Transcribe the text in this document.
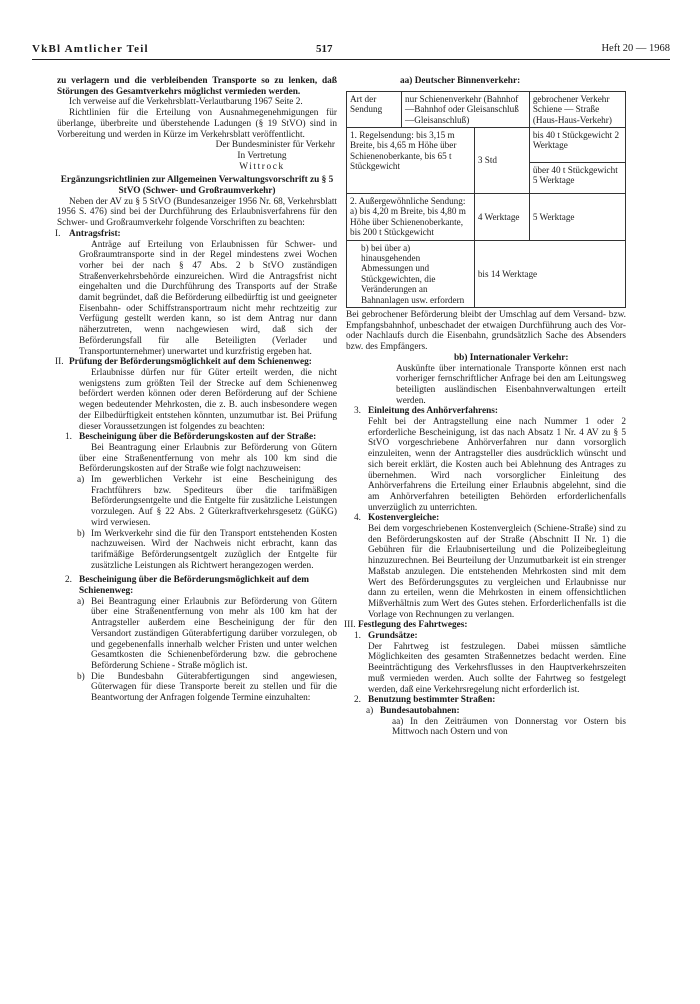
VkBl Amtlicher Teil	517	Heft 20 — 1968

zu verlagern und die verbleibenden Transporte so zu lenken, daß Störungen des Gesamtverkehrs möglichst vermieden werden.

Ich verweise auf die Verkehrsblatt-Verlautbarung 1967 Seite 2.

Richtlinien für die Erteilung von Ausnahmegenehmigungen für überlange, überbreite und überstehende Ladungen (§ 19 StVO) sind in Vorbereitung und werden in Kürze im Verkehrsblatt veröffentlicht.

Der Bundesminister für Verkehr

In Vertretung

Wittrock

Ergänzungsrichtlinien zur Allgemeinen Verwaltungsvorschrift zu § 5 StVO (Schwer- und Großraumverkehr)

Neben der AV zu § 5 StVO (Bundesanzeiger 1956 Nr. 68, Verkehrsblatt 1956 S. 476) sind bei der Durchführung des Erlaubnisverfahrens für den Schwer- und Großraumverkehr folgende Vorschriften zu beachten:

I. Antragsfrist:

Anträge auf Erteilung von Erlaubnissen für Schwer- und Großraumtransporte sind in der Regel mindestens zwei Wochen vorher bei der nach § 47 Abs. 2 b StVO zuständigen Straßenverkehrsbehörde einzureichen. Wird die Antragsfrist nicht eingehalten und die Durchführung des Transports auf der Straße damit begründet, daß die Beförderung eilbedürftig ist und geeigneter Eisenbahn- oder Schiffstransportraum nicht mehr rechtzeitig zur Verfügung gestellt werden kann, so ist dem Antrag nur dann näherzutreten, wenn nachgewiesen wird, daß sich der Beförderungsfall für alle Beteiligten (Verlader und Transportunternehmer) unerwartet und kurzfristig ergeben hat.

II. Prüfung der Beförderungsmöglichkeit auf dem Schienenweg:

Erlaubnisse dürfen nur für Güter erteilt werden, die nicht wenigstens zum größten Teil der Strecke auf dem Schienenweg befördert werden können oder deren Beförderung auf der Schiene wegen bedeutender Mehrkosten, die z. B. auch insbesondere wegen der Eilbedürftigkeit entstehen könnten, unzumutbar ist. Bei Prüfung dieser Voraussetzungen ist folgendes zu beachten:

1. Bescheinigung über die Beförderungskosten auf der Straße:

Bei Beantragung einer Erlaubnis zur Beförderung von Gütern über eine Straßenentfernung von mehr als 100 km sind die Beförderungskosten auf der Straße wie folgt nachzuweisen:

a) Im gewerblichen Verkehr ist eine Bescheinigung des Frachtführers bzw. Spediteurs über die tarifmäßigen Beförderungsentgelte und die Entgelte für zusätzliche Leistungen vorzulegen. Auf § 22 Abs. 2 Güterkraftverkehrsgesetz (GüKG) wird verwiesen.

b) Im Werkverkehr sind die für den Transport entstehenden Kosten nachzuweisen. Wird der Nachweis nicht erbracht, kann das tarifmäßige Beförderungsentgelt zuzüglich der Entgelte für zusätzliche Leistungen als Richtwert herangezogen werden.

2. Bescheinigung über die Beförderungsmöglichkeit auf dem Schienenweg:
a) Bei Beantragung einer Erlaubnis zur Beförderung von Gütern über eine Straßenentfernung von mehr als 100 km hat der Antragsteller außerdem eine Bescheinigung der für den Versandort zuständigen Güterabfertigung darüber vorzulegen, ob und gegebenenfalls innerhalb welcher Fristen und unter welchen Gesamtkosten die Schienenbeförderung bzw. die gebrochene Beförderung Schiene - Straße möglich ist.

b) Die Bundesbahn Güterabfertigungen sind angewiesen, Güterwagen für diese Transporte bereit zu stellen und für die Beantwortung der Anfragen folgende Termine einzuhalten:

aa) Deutscher Binnenverkehr:

Art der Sendung	nur Schienenverkehr (Bahnhof—Bahnhof oder Gleisanschluß—Gleisanschluß)		gebrochener Verkehr Schiene — Straße (Haus-Haus-Verkehr)
1. Regelsendung: bis 3,15 m Breite, bis 4,65 m Höhe über Schienenoberkante, bis 65 t Stückgewicht		3 Std	bis 40 t Stückgewicht 2 Werktage
			über 40 t Stückgewicht 5 Werktage
2. Außergewöhnliche Sendung: a) bis 4,20 m Breite, bis 4,80 m Höhe über Schienenoberkante, bis 200 t Stückgewicht		4 Werktage	5 Werktage
b) bei über a) hinausgehenden Abmessungen und Stückgewichten, die Veränderungen an Bahnanlagen usw. erfordern		bis 14 Werktage	

Bei gebrochener Beförderung bleibt der Umschlag auf dem Versand- bzw. Empfangsbahnhof, unbeschadet der etwaigen Durchführung auch des Vor- oder Nachlaufs durch die Eisenbahn, grundsätzlich Sache des Absenders bzw. des Empfängers.

bb) Internationaler Verkehr:

Auskünfte über internationale Transporte können erst nach vorheriger fernschriftlicher Anfrage bei den am Leitungsweg beteiligten ausländischen Eisenbahnverwaltungen erteilt werden.

3. Einleitung des Anhörverfahrens:

Fehlt bei der Antragstellung eine nach Nummer 1 oder 2 erforderliche Bescheinigung, ist das nach Absatz 1 Nr. 4 AV zu § 5 StVO vorgeschriebene Anhörverfahren nur dann vorsorglich einzuleiten, wenn der Antragsteller dies ausdrücklich wünscht und sich bereit erklärt, die Kosten auch bei Ablehnung des Antrages zu übernehmen. Wird nach vorsorglicher Einleitung des Anhörverfahrens die Erteilung einer Erlaubnis abgelehnt, sind die am Anhörverfahren beteiligten Behörden erforderlichenfalls unverzüglich zu unterrichten.

4. Kostenvergleiche:

Bei dem vorgeschriebenen Kostenvergleich (Schiene-Straße) sind zu den Beförderungskosten auf der Straße (Abschnitt II Nr. 1) die Gebühren für die Erlaubniserteilung und die Polizeibegleitung hinzuzurechnen. Bei Beurteilung der Unzumutbarkeit ist ein strenger Maßstab anzulegen. Die entstehenden Mehrkosten sind mit dem Wert des Beförderungsgutes zu vergleichen und Erlaubnisse nur dann zu erteilen, wenn die Mehrkosten in einem offensichtlichen Mißverhältnis zum Wert des Gutes stehen. Erforderlichenfalls ist die Vorlage von Rechnungen zu verlangen.

III. Festlegung des Fahrtweges:
1. Grundsätze:

Der Fahrtweg ist festzulegen. Dabei müssen sämtliche Möglichkeiten des gesamten Straßennetzes bedacht werden. Eine Beeinträchtigung des Verkehrsflusses in den Hauptverkehrszeiten muß vermieden werden. Auch sollte der Fahrtweg so festgelegt werden, daß eine Verkehrsregelung nicht erforderlich ist.

2. Benutzung bestimmter Straßen:
a) Bundesautobahnen:

aa) In den Zeiträumen von Donnerstag vor Ostern bis Mittwoch nach Ostern und von
